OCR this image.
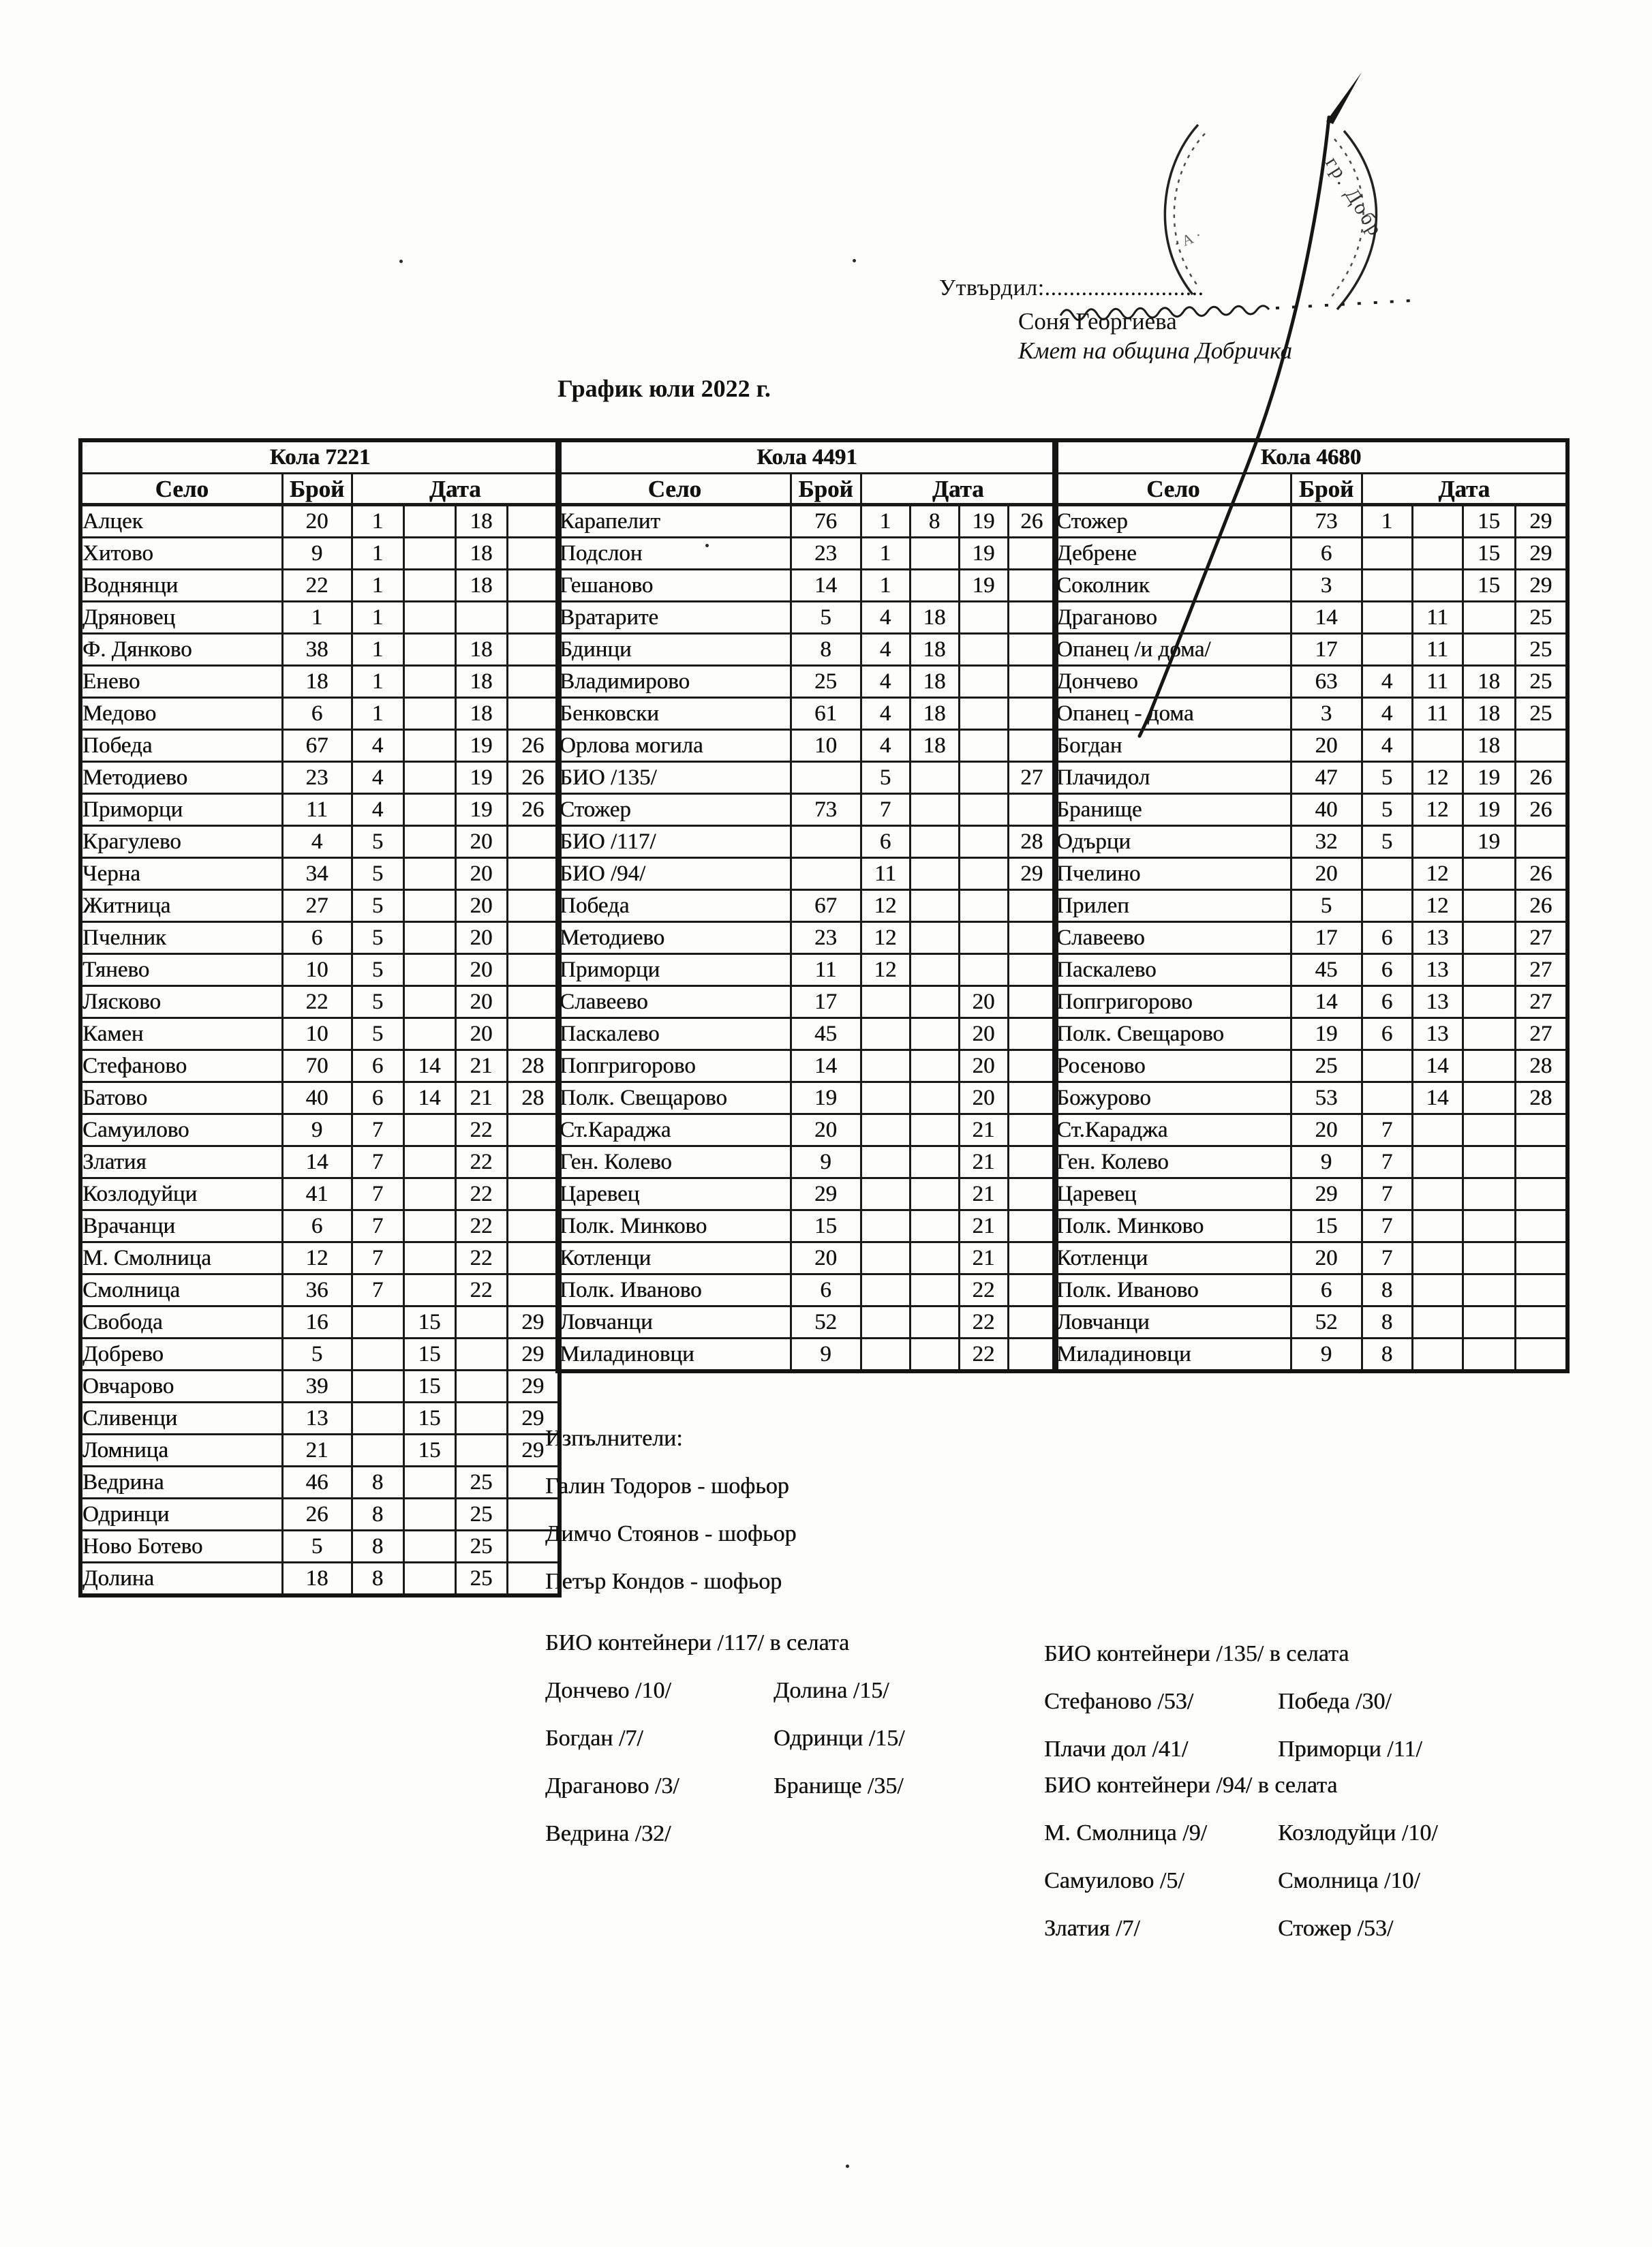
Утвърдил:..........................
Соня Георгиева
Кмет на община Добричка
График юли 2022 г.
Кола 7221					
Село	Брой	Дата			
Алцек	20	1		18	
Хитово	9	1		18	
Воднянци	22	1		18	
Дряновец	1	1			
Ф. Дянково	38	1		18	
Енево	18	1		18	
Медово	6	1		18	
Победа	67	4		19	26
Методиево	23	4		19	26
Приморци	11	4		19	26
Крагулево	4	5		20	
Черна	34	5		20	
Житница	27	5		20	
Пчелник	6	5		20	
Тянево	10	5		20	
Лясково	22	5		20	
Камен	10	5		20	
Стефаново	70	6	14	21	28
Батово	40	6	14	21	28
Самуилово	9	7		22	
Златия	14	7		22	
Козлодуйци	41	7		22	
Врачанци	6	7		22	
М. Смолница	12	7		22	
Смолница	36	7		22	
Свобода	16		15		29
Добрево	5		15		29
Овчарово	39		15		29
Сливенци	13		15		29
Ломница	21		15		29
Ведрина	46	8		25	
Одринци	26	8		25	
Ново Ботево	5	8		25	
Долина	18	8		25	
Кола 4491					
Село	Брой	Дата			
Карапелит	76	1	8	19	26
Подслон	23	1		19	
Гешаново	14	1		19	
Вратарите	5	4	18		
Бдинци	8	4	18		
Владимирово	25	4	18		
Бенковски	61	4	18		
Орлова могила	10	4	18		
БИО /135/		5			27
Стожер	73	7			
БИО /117/		6			28
БИО /94/		11			29
Победа	67	12			
Методиево	23	12			
Приморци	11	12			
Славеево	17			20	
Паскалево	45			20	
Попгригорово	14			20	
Полк. Свещарово	19			20	
Ст.Караджа	20			21	
Ген. Колево	9			21	
Царевец	29			21	
Полк. Минково	15			21	
Котленци	20			21	
Полк. Иваново	6			22	
Ловчанци	52			22	
Миладиновци	9			22	
Кола 4680					
Село	Брой	Дата			
Стожер	73	1		15	29
Дебрене	6			15	29
Соколник	3			15	29
Драганово	14		11		25
Опанец /и дома/	17		11		25
Дончево	63	4	11	18	25
Опанец - дома	3	4	11	18	25
Богдан	20	4		18	
Плачидол	47	5	12	19	26
Бранище	40	5	12	19	26
Одърци	32	5		19	
Пчелино	20		12		26
Прилеп	5		12		26
Славеево	17	6	13		27
Паскалево	45	6	13		27
Попгригорово	14	6	13		27
Полк. Свещарово	19	6	13		27
Росеново	25		14		28
Божурово	53		14		28
Ст.Караджа	20	7			
Ген. Колево	9	7			
Царевец	29	7			
Полк. Минково	15	7			
Котленци	20	7			
Полк. Иваново	6	8			
Ловчанци	52	8			
Миладиновци	9	8			
Изпълнители:
Галин Тодоров - шофьор
Димчо Стоянов - шофьор
Петър Кондов - шофьор
БИО контейнери /117/ в селата
Дончево /10/
Богдан /7/
Драганово /3/
Ведрина /32/
Долина /15/
Одринци /15/
Бранище /35/
БИО контейнери /135/ в селата
Стефаново /53/
Плачи дол /41/
Победа /30/
Приморци /11/
БИО контейнери /94/ в селата
М. Смолница /9/
Самуилово /5/
Златия /7/
Козлодуйци /10/
Смолница /10/
Стожер /53/
· А ·	гр. Добр
